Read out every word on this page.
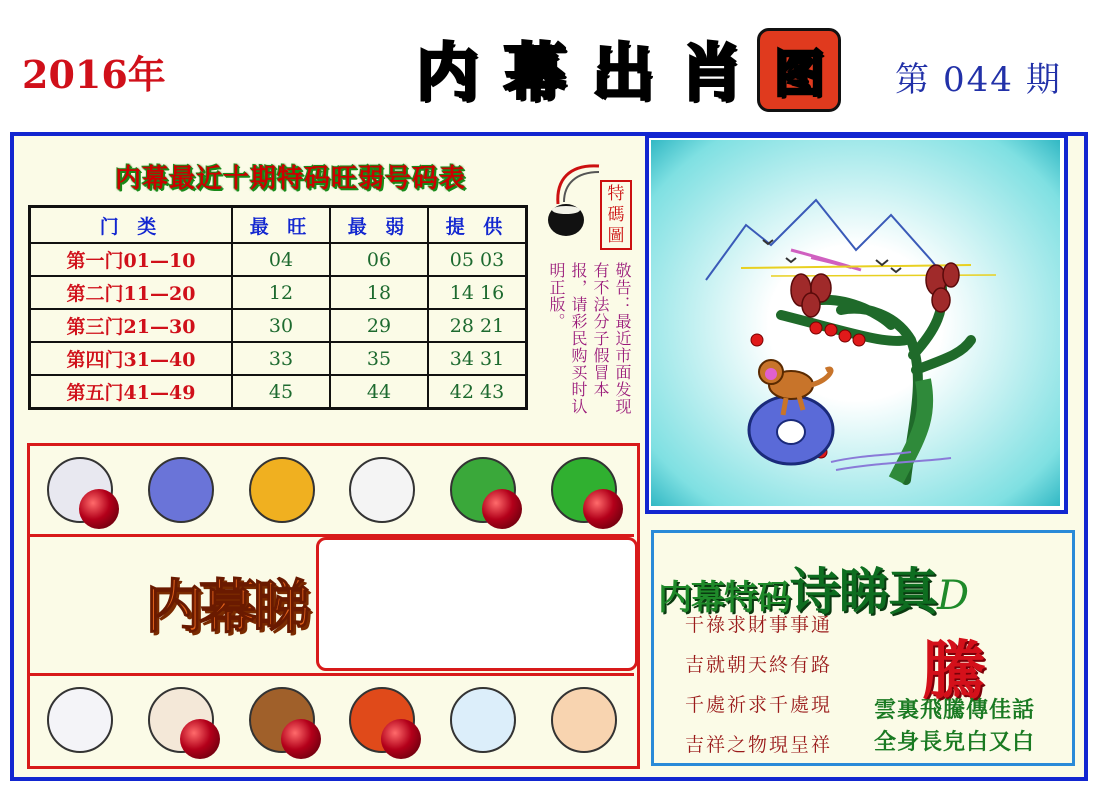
2016年	内 幕 出 肖 图	第 044 期
内幕最近十期特码旺弱号码表
门 类	最 旺	最 弱	提 供
第一门01—10	04	06	05 03
第二门11—20	12	18	14 16
第三门21—30	30	29	28 21
第四门31—40	33	35	34 31
第五门41—49	45	44	42 43
特碼圖
敬告：最近市面发现有不法分子假冒本报，请彩民购买时认明正版。
内幕睇	内幕特码诗睇真D
干祿求財事事通
吉就朝天終有路
千處祈求千處現
吉祥之物現呈祥
騰
雲裏飛騰傳佳話
全身長皃白又白
